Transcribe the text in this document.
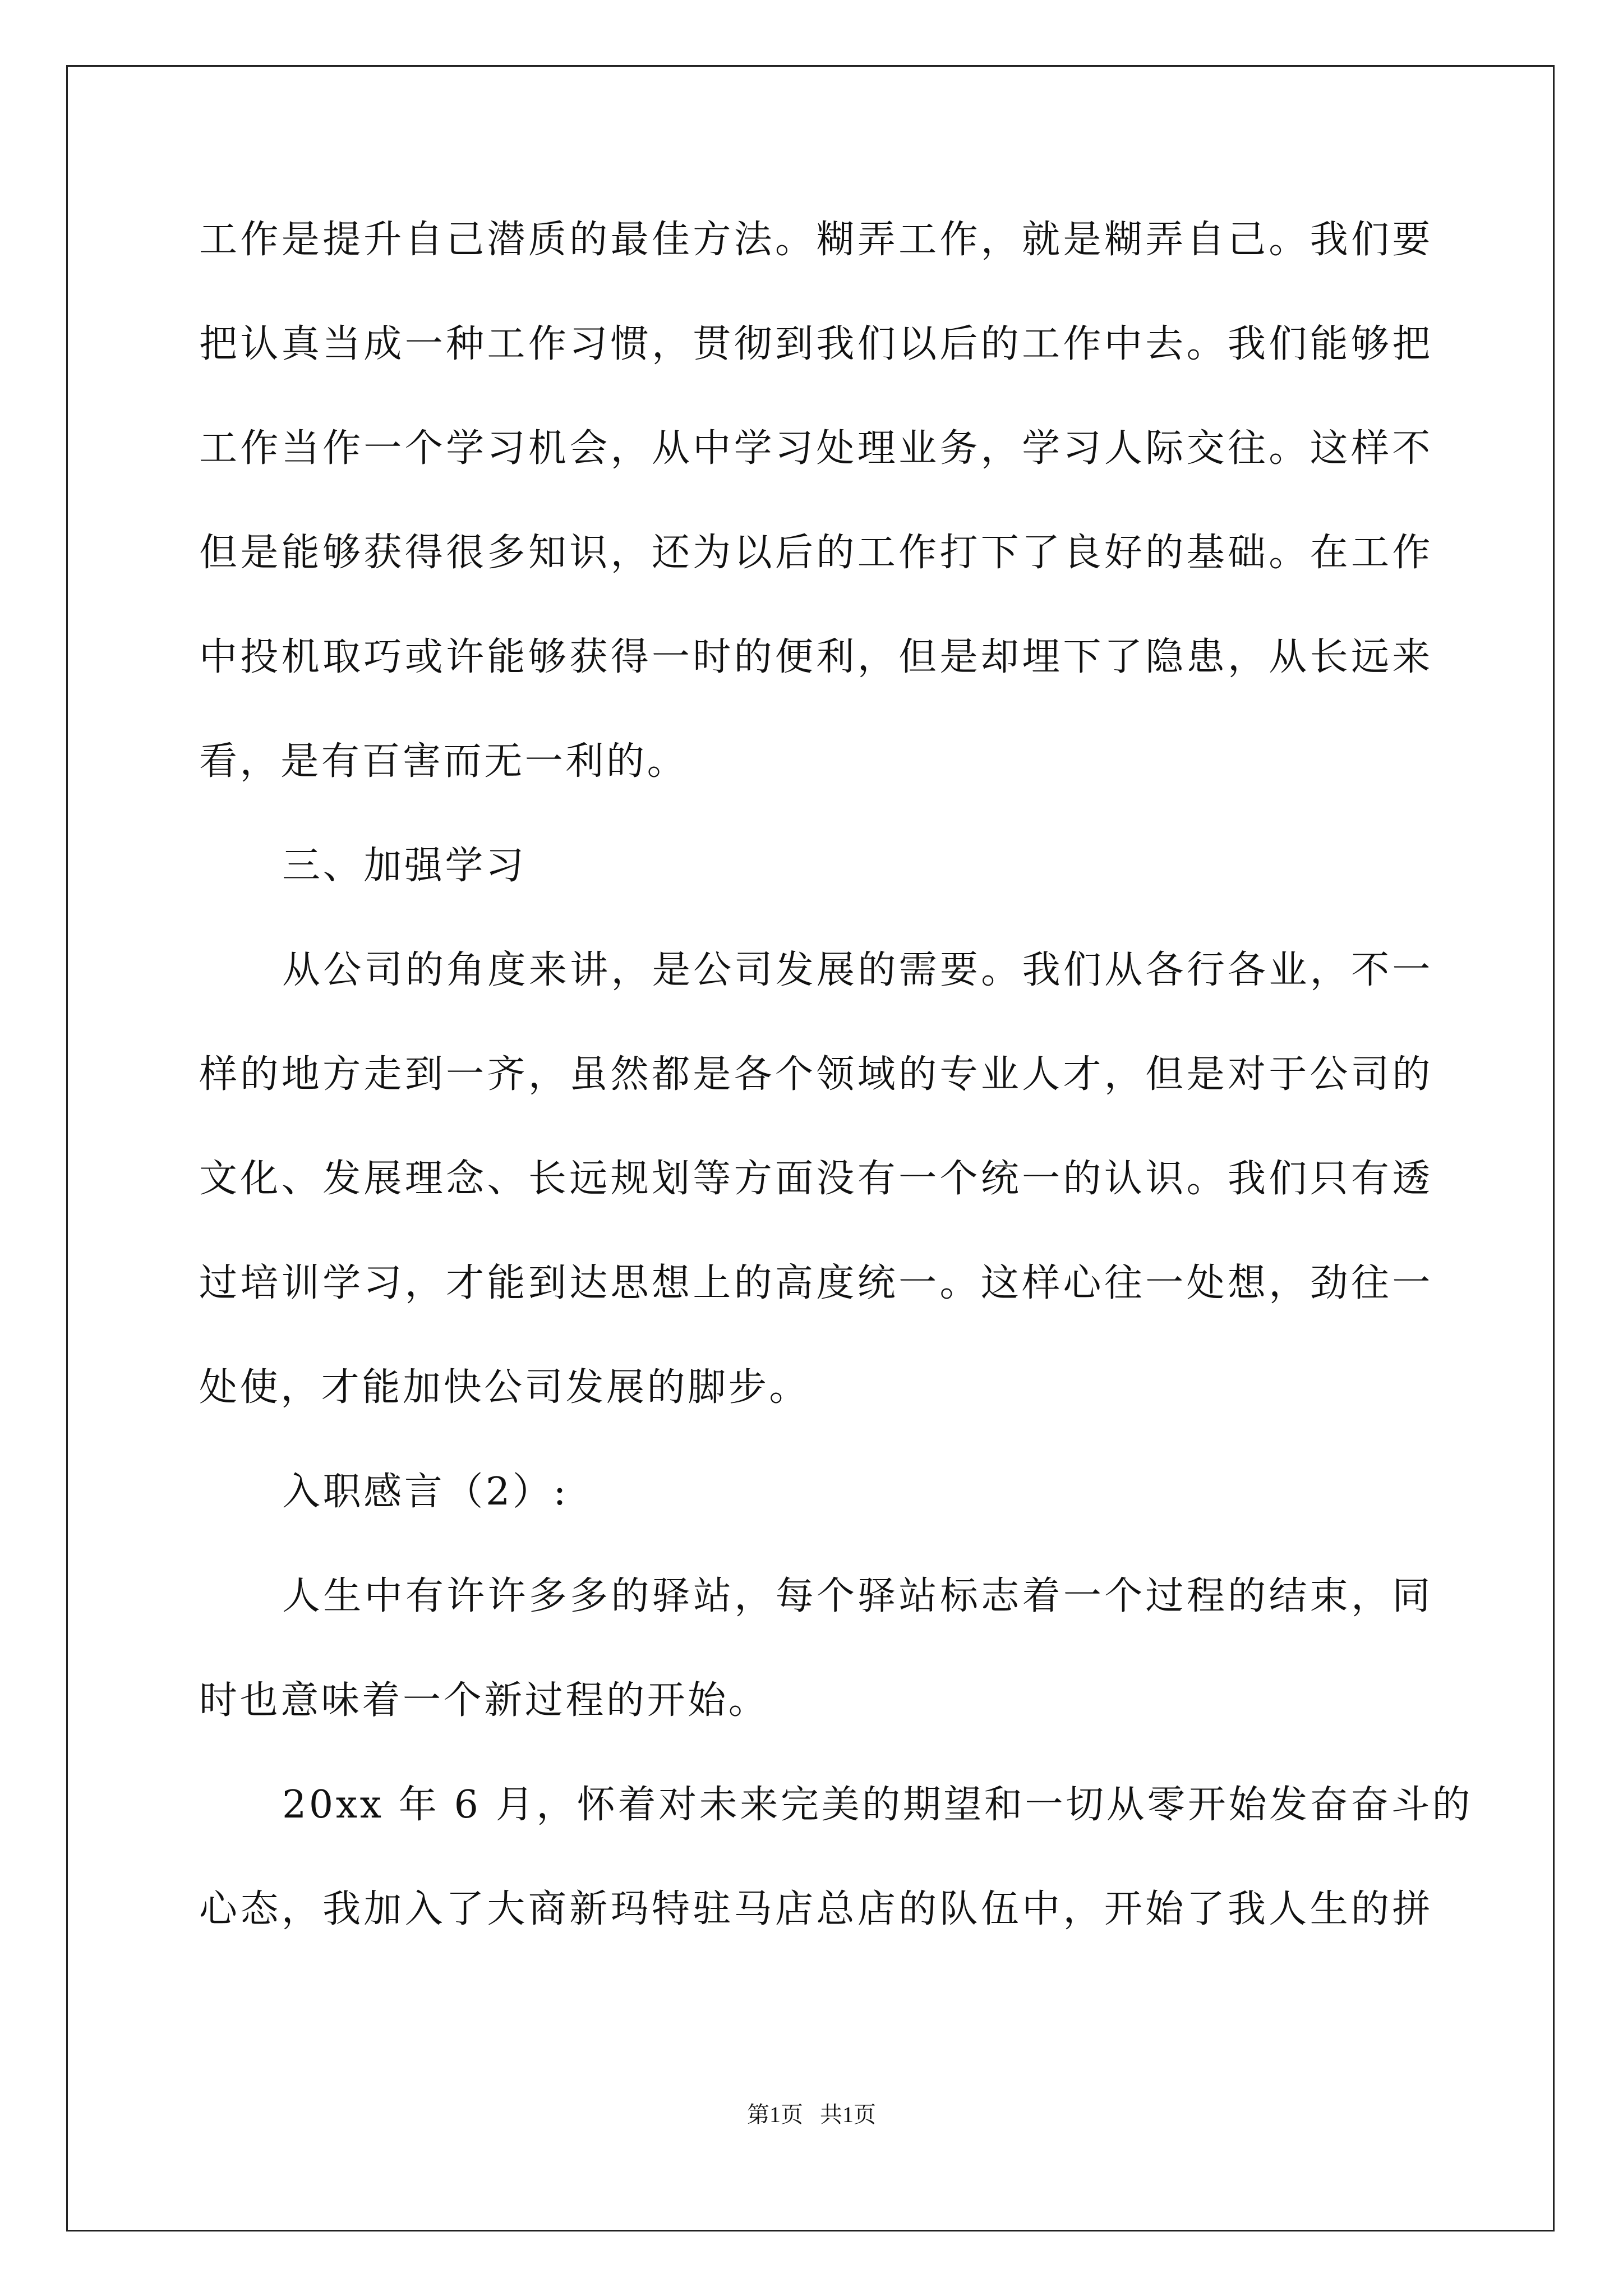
工作是提升自己潜质的最佳方法。糊弄工作，就是糊弄自己。我们要
把认真当成一种工作习惯，贯彻到我们以后的工作中去。我们能够把
工作当作一个学习机会，从中学习处理业务，学习人际交往。这样不
但是能够获得很多知识，还为以后的工作打下了良好的基础。在工作
中投机取巧或许能够获得一时的便利，但是却埋下了隐患，从长远来
看，是有百害而无一利的。
三、加强学习
从公司的角度来讲，是公司发展的需要。我们从各行各业，不一
样的地方走到一齐，虽然都是各个领域的专业人才，但是对于公司的
文化、发展理念、长远规划等方面没有一个统一的认识。我们只有透
过培训学习，才能到达思想上的高度统一。这样心往一处想，劲往一
处使，才能加快公司发展的脚步。
入职感言（2）:
人生中有许许多多的驿站，每个驿站标志着一个过程的结束，同
时也意味着一个新过程的开始。
20xx 年 6 月，怀着对未来完美的期望和一切从零开始发奋奋斗的
心态，我加入了大商新玛特驻马店总店的队伍中，开始了我人生的拼
第1页 共1页
